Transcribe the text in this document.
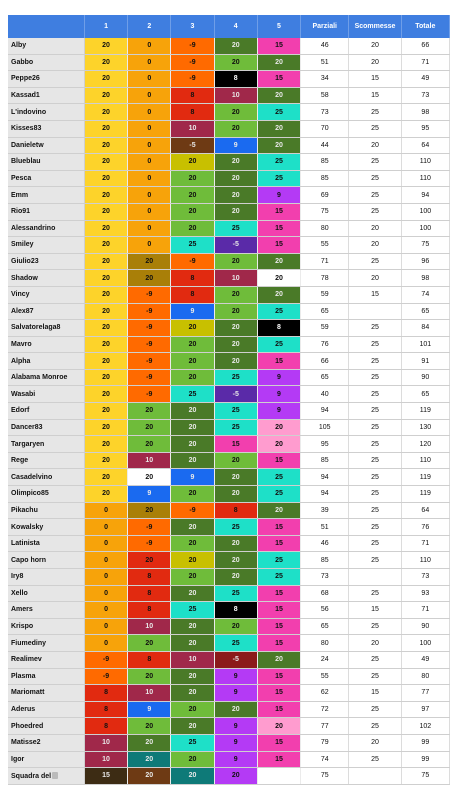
	1	2	3	4	5	Parziali	Scommesse	Totale
Alby	20	0	-9	20	15	46	20	66
Gabbo	20	0	-9	20	20	51	20	71
Peppe26	20	0	-9	8	15	34	15	49
Kassad1	20	0	8	10	20	58	15	73
L'indovino	20	0	8	20	25	73	25	98
Kisses83	20	0	10	20	20	70	25	95
Danieletw	20	0	-5	9	20	44	20	64
Blueblau	20	0	20	20	25	85	25	110
Pesca	20	0	20	20	25	85	25	110
Emm	20	0	20	20	9	69	25	94
Rio91	20	0	20	20	15	75	25	100
Alessandrino	20	0	20	25	15	80	20	100
Smiley	20	0	25	-5	15	55	20	75
Giulio23	20	20	-9	20	20	71	25	96
Shadow	20	20	8	10	20	78	20	98
Vincy	20	-9	8	20	20	59	15	74
Alex87	20	-9	9	20	25	65		65
Salvatorelaga8	20	-9	20	20	8	59	25	84
Mavro	20	-9	20	20	25	76	25	101
Alpha	20	-9	20	20	15	66	25	91
Alabama Monroe	20	-9	20	25	9	65	25	90
Wasabi	20	-9	25	-5	9	40	25	65
Edorf	20	20	20	25	9	94	25	119
Dancer83	20	20	20	25	20	105	25	130
Targaryen	20	20	20	15	20	95	25	120
Rege	20	10	20	20	15	85	25	110
Casadelvino	20	20	9	20	25	94	25	119
Olimpico85	20	9	20	20	25	94	25	119
Pikachu	0	20	-9	8	20	39	25	64
Kowalsky	0	-9	20	25	15	51	25	76
Latinista	0	-9	20	20	15	46	25	71
Capo horn	0	20	20	20	25	85	25	110
Iry8	0	8	20	20	25	73		73
Xello	0	8	20	25	15	68	25	93
Amers	0	8	25	8	15	56	15	71
Krispo	0	10	20	20	15	65	25	90
Fiumediny	0	20	20	25	15	80	20	100
Realimev	-9	8	10	-5	20	24	25	49
Plasma	-9	20	20	9	15	55	25	80
Mariomatt	8	10	20	9	15	62	15	77
Aderus	8	9	20	20	15	72	25	97
Phoedred	8	20	20	9	20	77	25	102
Matisse2	10	20	25	9	15	79	20	99
Igor	10	20	20	9	15	74	25	99
Squadra del	15	20	20	20		75		75
